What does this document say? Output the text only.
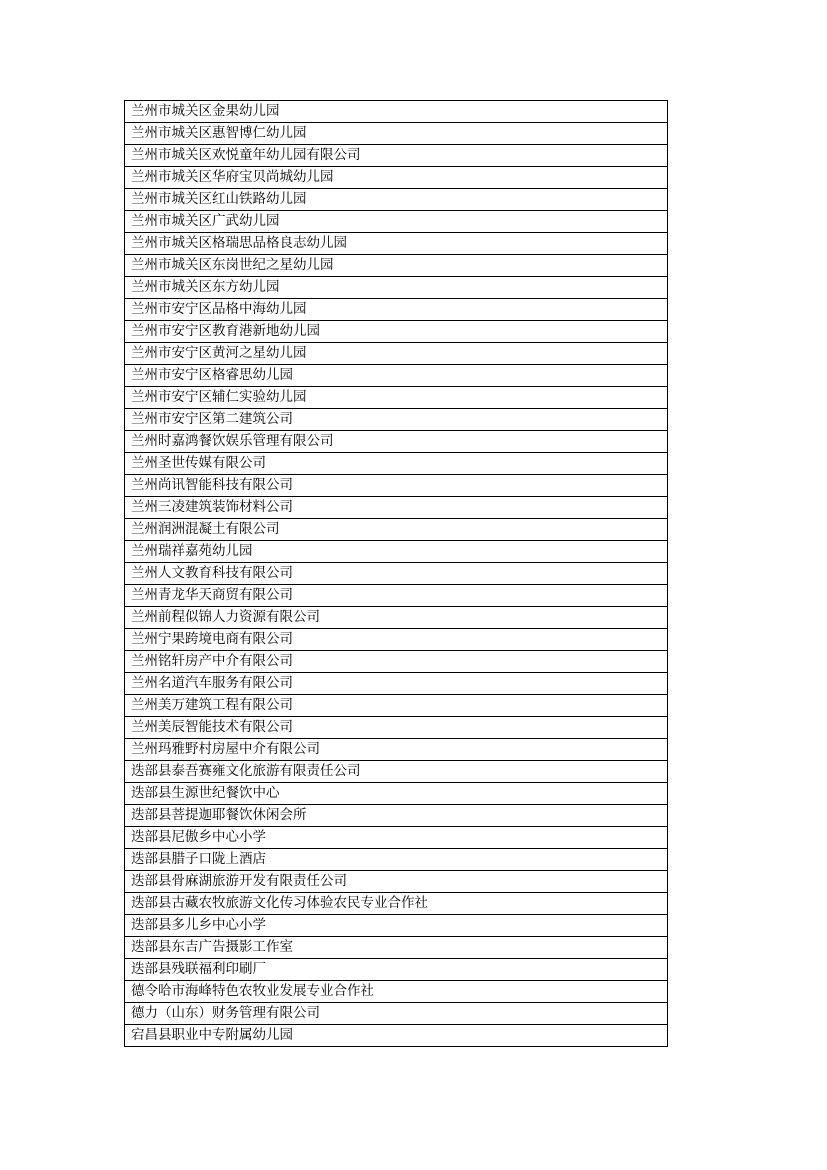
兰州市城关区金果幼儿园
兰州市城关区惠智博仁幼儿园
兰州市城关区欢悦童年幼儿园有限公司
兰州市城关区华府宝贝尚城幼儿园
兰州市城关区红山铁路幼儿园
兰州市城关区广武幼儿园
兰州市城关区格瑞思品格良志幼儿园
兰州市城关区东岗世纪之星幼儿园
兰州市城关区东方幼儿园
兰州市安宁区品格中海幼儿园
兰州市安宁区教育港新地幼儿园
兰州市安宁区黄河之星幼儿园
兰州市安宁区格睿思幼儿园
兰州市安宁区辅仁实验幼儿园
兰州市安宁区第二建筑公司
兰州时嘉鸿餐饮娱乐管理有限公司
兰州圣世传媒有限公司
兰州尚讯智能科技有限公司
兰州三凌建筑装饰材料公司
兰州润洲混凝土有限公司
兰州瑞祥嘉苑幼儿园
兰州人文教育科技有限公司
兰州青龙华天商贸有限公司
兰州前程似锦人力资源有限公司
兰州宁果跨境电商有限公司
兰州铭轩房产中介有限公司
兰州名道汽车服务有限公司
兰州美万建筑工程有限公司
兰州美辰智能技术有限公司
兰州玛雅野村房屋中介有限公司
迭部县泰吾赛雍文化旅游有限责任公司
迭部县生源世纪餐饮中心
迭部县菩提迦耶餐饮休闲会所
迭部县尼傲乡中心小学
迭部县腊子口陇上酒店
迭部县骨麻湖旅游开发有限责任公司
迭部县古藏农牧旅游文化传习体验农民专业合作社
迭部县多儿乡中心小学
迭部县东吉广告摄影工作室
迭部县残联福利印刷厂
德令哈市海峰特色农牧业发展专业合作社
德力（山东）财务管理有限公司
宕昌县职业中专附属幼儿园
